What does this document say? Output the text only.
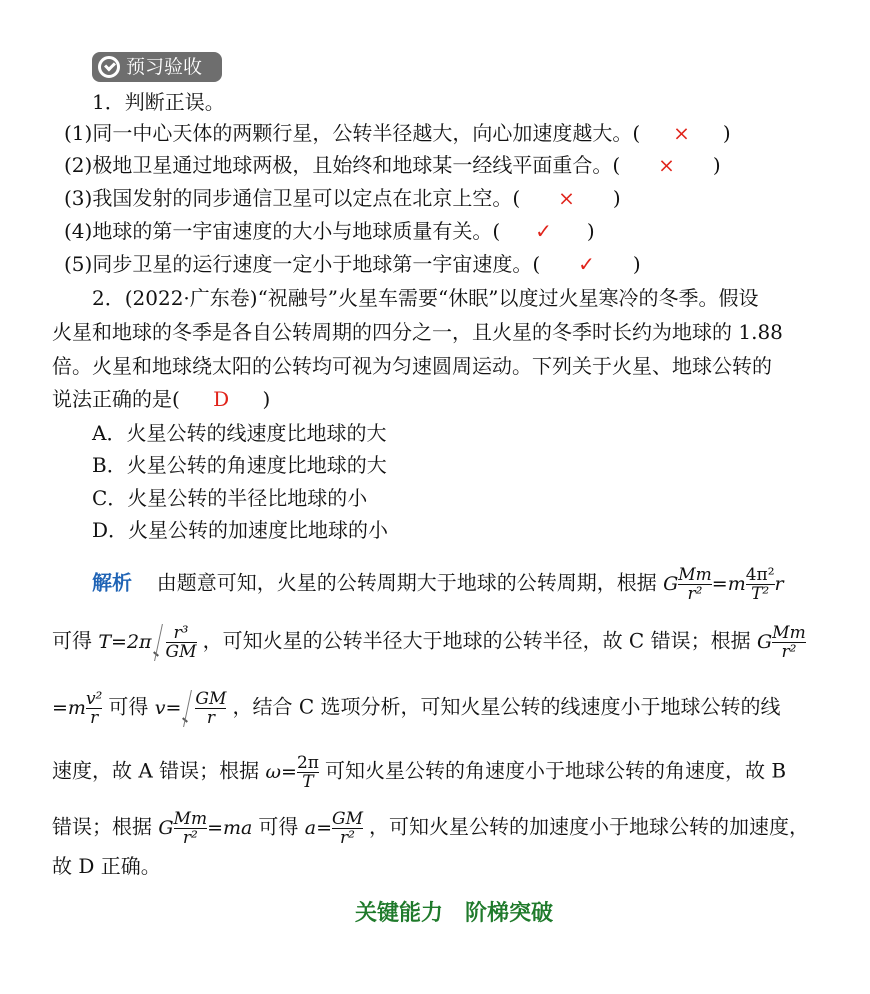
预习验收
1．判断正误。
(1)同一中心天体的两颗行星，公转半径越大，向心加速度越大。( × )
(2)极地卫星通过地球两极，且始终和地球某一经线平面重合。( × )
(3)我国发射的同步通信卫星可以定点在北京上空。( × )
(4)地球的第一宇宙速度的大小与地球质量有关。( ✓ )
(5)同步卫星的运行速度一定小于地球第一宇宙速度。( ✓ )
2．(2022·广东卷)“祝融号”火星车需要“休眠”以度过火星寒冷的冬季。假设
火星和地球的冬季是各自公转周期的四分之一，且火星的冬季时长约为地球的 1.88
倍。火星和地球绕太阳的公转均可视为匀速圆周运动。下列关于火星、地球公转的
说法正确的是( D )
A．火星公转的线速度比地球的大
B．火星公转的角速度比地球的大
C．火星公转的半径比地球的小
D．火星公转的加速度比地球的小
解析 由题意可知，火星的公转周期大于地球的公转周期，根据 G $\frac{Mm}{\text{r²}} =m \frac{\text{4π²}}{\text{T²}}$ r
可得 $T=2\pi \frac{\text{r³}}{GM}$ ，可知火星的公转半径大于地球的公转半径，故 C 错误；根据 G $\frac{Mm}{\text{r²}}$
$=m \frac{\text{v²}}{r}$ 可得 $v= \frac{GM}{r}$ ，结合 C 选项分析，可知火星公转的线速度小于地球公转的线
速度，故 A 错误；根据 $\omega= \frac{2\pi}{T}$ 可知火星公转的角速度小于地球公转的角速度，故 B
错误；根据 G $\frac{Mm}{\text{r²}} =ma$ 可得 $a= \frac{GM}{\text{r²}}$ ，可知火星公转的加速度小于地球公转的加速度，
故 D 正确。
关键能力　阶梯突破
